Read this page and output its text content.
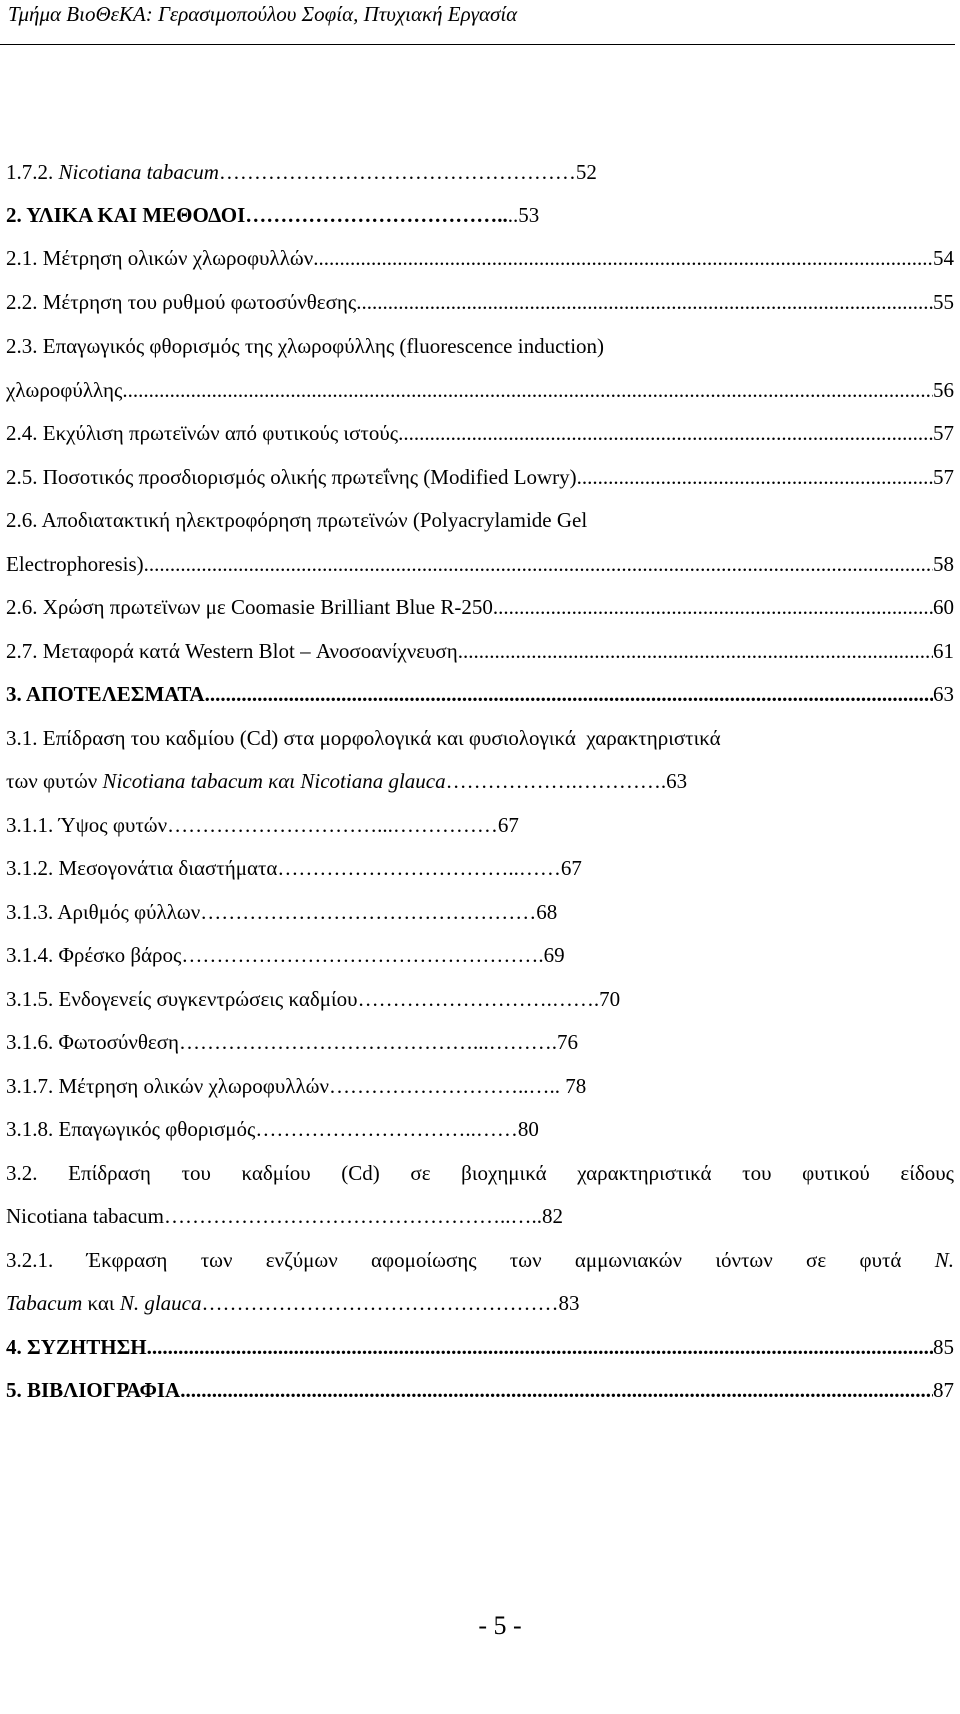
Τμήμα ΒιοΘεΚΑ: Γερασιμοπούλου Σοφία, Πτυχιακή Εργασία
1.7.2. Nicotiana tabacum……………………………………………52
2. ΥΛΙΚΑ ΚΑΙ ΜΕΘΟΔΟΙ………………………………....53
2.1. Μέτρηση ολικών χλωροφυλλών .....	54
2.2. Μέτρηση του ρυθμού φωτοσύνθεσης .....	55
2.3. Επαγωγικός φθορισμός της χλωροφύλλης (fluorescence induction)
χλωροφύλλης .....	56
2.4. Εκχύλιση πρωτεϊνών από φυτικούς ιστούς .....	57
2.5. Ποσοτικός προσδιορισμός ολικής πρωτεΐνης (Modified Lowry) .....	57
2.6. Αποδιατακτική ηλεκτροφόρηση πρωτεϊνών (Polyacrylamide Gel
Electrophoresis) .....	58
2.6. Χρώση πρωτεϊνων με Coomasie Brilliant Blue R-250 .....	60
2.7. Μεταφορά κατά Western Blot – Ανοσοανίχνευση .....	61
3. ΑΠΟΤΕΛΕΣΜΑΤΑ .....	63
3.1. Επίδραση του καδμίου (Cd) στα μορφολογικά και φυσιολογικά  χαρακτηριστικά
των φυτών Nicotiana tabacum και Nicotiana glauca……………….………….63
3.1.1. Ύψος φυτών…………………………...……………67
3.1.2. Μεσογονάτια διαστήματα……………………………..……67
3.1.3. Αριθμός φύλλων…………………………………………68
3.1.4. Φρέσκο βάρος…………………………………………….69
3.1.5. Ενδογενείς συγκεντρώσεις καδμίου……………………….…….70
3.1.6. Φωτοσύνθεση……………………………………...……….76
3.1.7. Μέτρηση ολικών χλωροφυλλών………………………..….. 78
3.1.8. Επαγωγικός φθορισμός…………………………..……80
3.2. Επίδραση του καδμίου (Cd) σε βιοχημικά χαρακτηριστικά του φυτικού είδους
Nicotiana tabacum…………………………………………..…..82
3.2.1. Έκφραση των ενζύμων αφομοίωσης των αμμωνιακών ιόντων σε φυτά N.
Tabacum και N. glauca……………………………………………83
4. ΣΥΖΗΤΗΣΗ .....	85
5. ΒΙΒΛΙΟΓΡΑΦΙΑ .....	87
- 5 -
